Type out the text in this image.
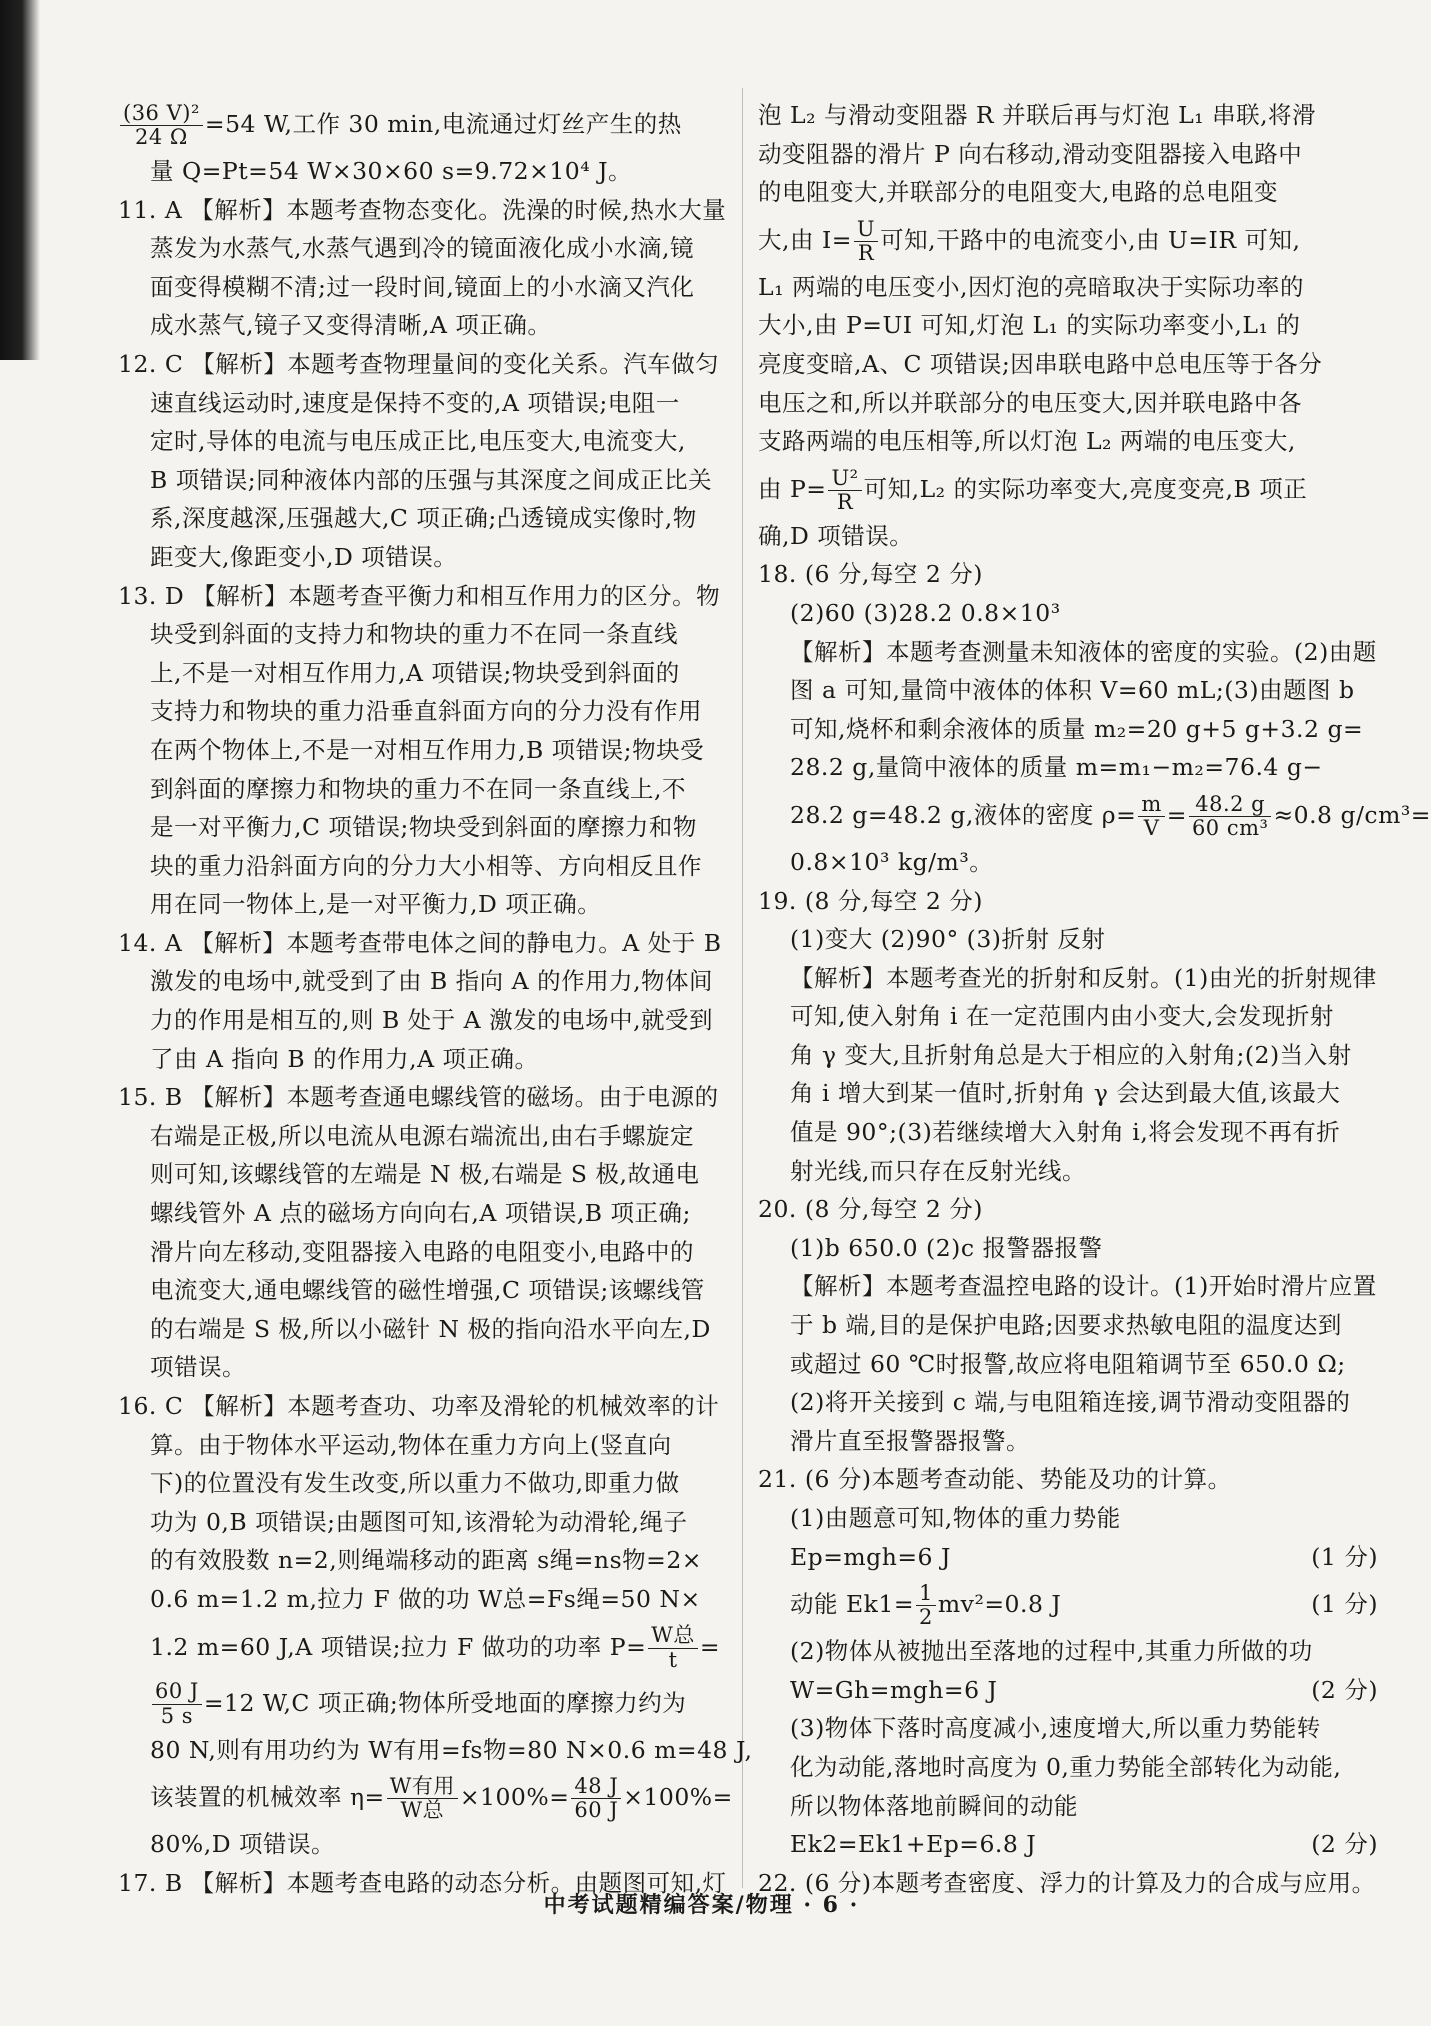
$\frac{\text{(36 V)²}}{24 \Omega} =54$ W,工作 30 min,电流通过灯丝产生的热
量 Q=Pt=54 W×30×60 s=9.72×10⁴ J。
11. A 【解析】本题考查物态变化。洗澡的时候,热水大量
蒸发为水蒸气,水蒸气遇到冷的镜面液化成小水滴,镜
面变得模糊不清;过一段时间,镜面上的小水滴又汽化
成水蒸气,镜子又变得清晰,A 项正确。
12. C 【解析】本题考查物理量间的变化关系。汽车做匀
速直线运动时,速度是保持不变的,A 项错误;电阻一
定时,导体的电流与电压成正比,电压变大,电流变大,
B 项错误;同种液体内部的压强与其深度之间成正比关
系,深度越深,压强越大,C 项正确;凸透镜成实像时,物
距变大,像距变小,D 项错误。
13. D 【解析】本题考查平衡力和相互作用力的区分。物
块受到斜面的支持力和物块的重力不在同一条直线
上,不是一对相互作用力,A 项错误;物块受到斜面的
支持力和物块的重力沿垂直斜面方向的分力没有作用
在两个物体上,不是一对相互作用力,B 项错误;物块受
到斜面的摩擦力和物块的重力不在同一条直线上,不
是一对平衡力,C 项错误;物块受到斜面的摩擦力和物
块的重力沿斜面方向的分力大小相等、方向相反且作
用在同一物体上,是一对平衡力,D 项正确。
14. A 【解析】本题考查带电体之间的静电力。A 处于 B
激发的电场中,就受到了由 B 指向 A 的作用力,物体间
力的作用是相互的,则 B 处于 A 激发的电场中,就受到
了由 A 指向 B 的作用力,A 项正确。
15. B 【解析】本题考查通电螺线管的磁场。由于电源的
右端是正极,所以电流从电源右端流出,由右手螺旋定
则可知,该螺线管的左端是 N 极,右端是 S 极,故通电
螺线管外 A 点的磁场方向向右,A 项错误,B 项正确;
滑片向左移动,变阻器接入电路的电阻变小,电路中的
电流变大,通电螺线管的磁性增强,C 项错误;该螺线管
的右端是 S 极,所以小磁针 N 极的指向沿水平向左,D
项错误。
16. C 【解析】本题考查功、功率及滑轮的机械效率的计
算。由于物体水平运动,物体在重力方向上(竖直向
下)的位置没有发生改变,所以重力不做功,即重力做
功为 0,B 项错误;由题图可知,该滑轮为动滑轮,绳子
的有效股数 n=2,则绳端移动的距离 s绳=ns物=2×
0.6 m=1.2 m,拉力 F 做的功 W总=Fs绳=50 N×
1.2 m=60 J,A 项错误;拉力 F 做功的功率 $P= \frac{\text{W总}}{t}$ =
$\frac{60 J}{5 s} =12$ W,C 项正确;物体所受地面的摩擦力约为
80 N,则有用功约为 W有用=fs物=80 N×0.6 m=48 J,
该装置的机械效率 $\eta= \frac{\text{W有用}}{\text{W总}} \times 100\%= \frac{48 J}{60 J} \times 100\%=$
80%,D 项错误。
17. B 【解析】本题考查电路的动态分析。由题图可知,灯
泡 L₂ 与滑动变阻器 R 并联后再与灯泡 L₁ 串联,将滑
动变阻器的滑片 P 向右移动,滑动变阻器接入电路中
的电阻变大,并联部分的电阻变大,电路的总电阻变
大,由 $I= \frac{U}{R}$ 可知,干路中的电流变小,由 U=IR 可知,
L₁ 两端的电压变小,因灯泡的亮暗取决于实际功率的
大小,由 P=UI 可知,灯泡 L₁ 的实际功率变小,L₁ 的
亮度变暗,A、C 项错误;因串联电路中总电压等于各分
电压之和,所以并联部分的电压变大,因并联电路中各
支路两端的电压相等,所以灯泡 L₂ 两端的电压变大,
由 $P= \frac{\text{U²}}{R}$ 可知,L₂ 的实际功率变大,亮度变亮,B 项正
确,D 项错误。
18. (6 分,每空 2 分)
(2)60 (3)28.2 0.8×10³
【解析】本题考查测量未知液体的密度的实验。(2)由题
图 a 可知,量筒中液体的体积 V=60 mL;(3)由题图 b
可知,烧杯和剩余液体的质量 m₂=20 g+5 g+3.2 g=
28.2 g,量筒中液体的质量 m=m₁−m₂=76.4 g−
28.2 g=48.2 g,液体的密度 $\rho= \frac{m}{V} = \frac{48.2 g}{\text{60 cm³}} \approx 0.8$ g/cm³=
0.8×10³ kg/m³。
19. (8 分,每空 2 分)
(1)变大 (2)90° (3)折射 反射
【解析】本题考查光的折射和反射。(1)由光的折射规律
可知,使入射角 i 在一定范围内由小变大,会发现折射
角 γ 变大,且折射角总是大于相应的入射角;(2)当入射
角 i 增大到某一值时,折射角 γ 会达到最大值,该最大
值是 90°;(3)若继续增大入射角 i,将会发现不再有折
射光线,而只存在反射光线。
20. (8 分,每空 2 分)
(1)b 650.0 (2)c 报警器报警
【解析】本题考查温控电路的设计。(1)开始时滑片应置
于 b 端,目的是保护电路;因要求热敏电阻的温度达到
或超过 60 ℃时报警,故应将电阻箱调节至 650.0 Ω;
(2)将开关接到 c 端,与电阻箱连接,调节滑动变阻器的
滑片直至报警器报警。
21. (6 分)本题考查动能、势能及功的计算。
(1)由题意可知,物体的重力势能
Ep=mgh=6 J	(1 分)
动能 $Ek1= \frac{1}{2} mv^2=0.8$ J	(1 分)
(2)物体从被抛出至落地的过程中,其重力所做的功
W=Gh=mgh=6 J	(2 分)
(3)物体下落时高度减小,速度增大,所以重力势能转
化为动能,落地时高度为 0,重力势能全部转化为动能,
所以物体落地前瞬间的动能
Ek2=Ek1+Ep=6.8 J	(2 分)
22. (6 分)本题考查密度、浮力的计算及力的合成与应用。
中考试题精编答案/物理 · 6 ·
